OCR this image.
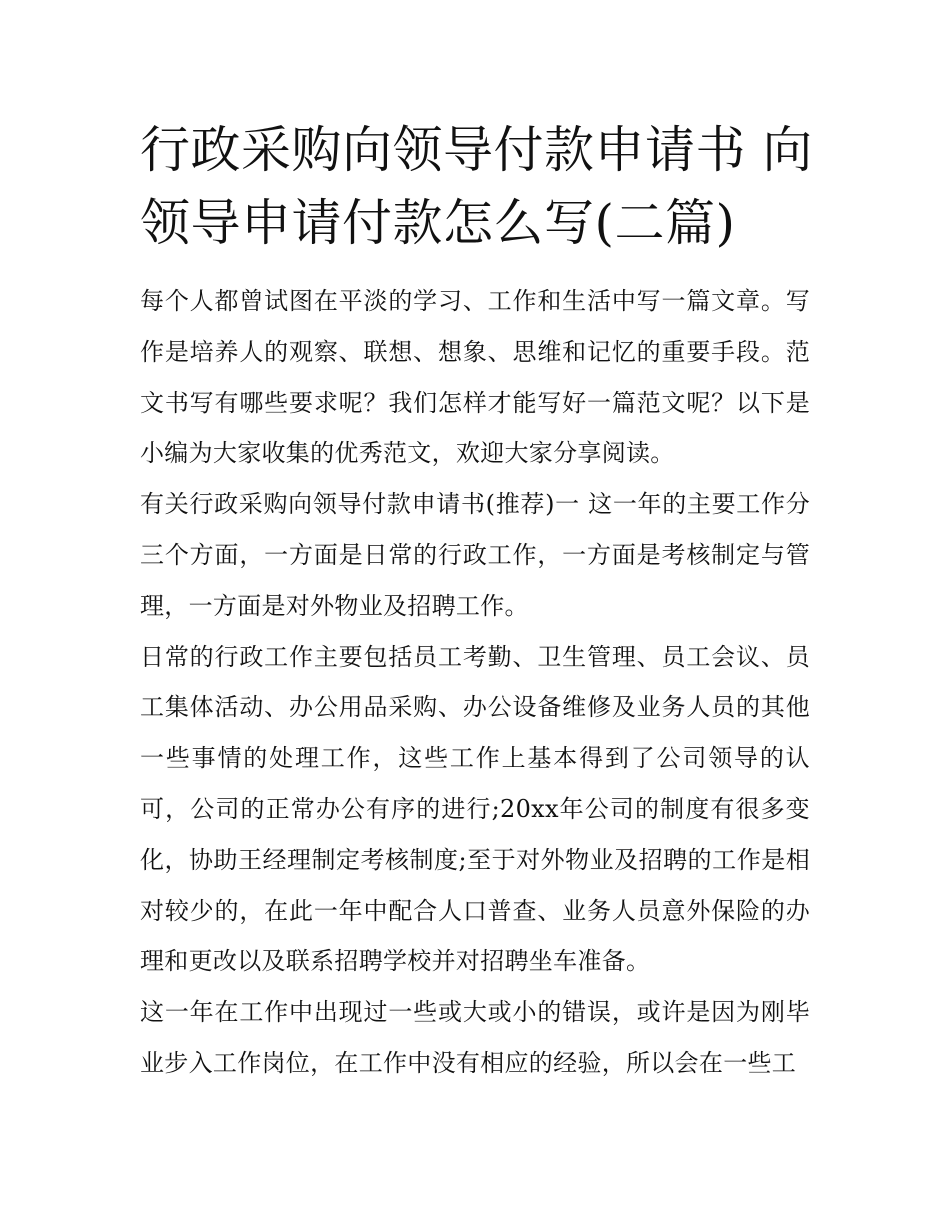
行政采购向领导付款申请书 向领导申请付款怎么写(二篇)

每个人都曾试图在平淡的学习、工作和生活中写一篇文章。写作是培养人的观察、联想、想象、思维和记忆的重要手段。范文书写有哪些要求呢？我们怎样才能写好一篇范文呢？以下是小编为大家收集的优秀范文，欢迎大家分享阅读。

有关行政采购向领导付款申请书(推荐)一 这一年的主要工作分三个方面，一方面是日常的行政工作，一方面是考核制定与管理，一方面是对外物业及招聘工作。

日常的行政工作主要包括员工考勤、卫生管理、员工会议、员工集体活动、办公用品采购、办公设备维修及业务人员的其他一些事情的处理工作，这些工作上基本得到了公司领导的认可，公司的正常办公有序的进行;20xx年公司的制度有很多变化，协助王经理制定考核制度;至于对外物业及招聘的工作是相对较少的，在此一年中配合人口普查、业务人员意外保险的办理和更改以及联系招聘学校并对招聘坐车准备。

这一年在工作中出现过一些或大或小的错误，或许是因为刚毕业步入工作岗位，在工作中没有相应的经验，所以会在一些工
